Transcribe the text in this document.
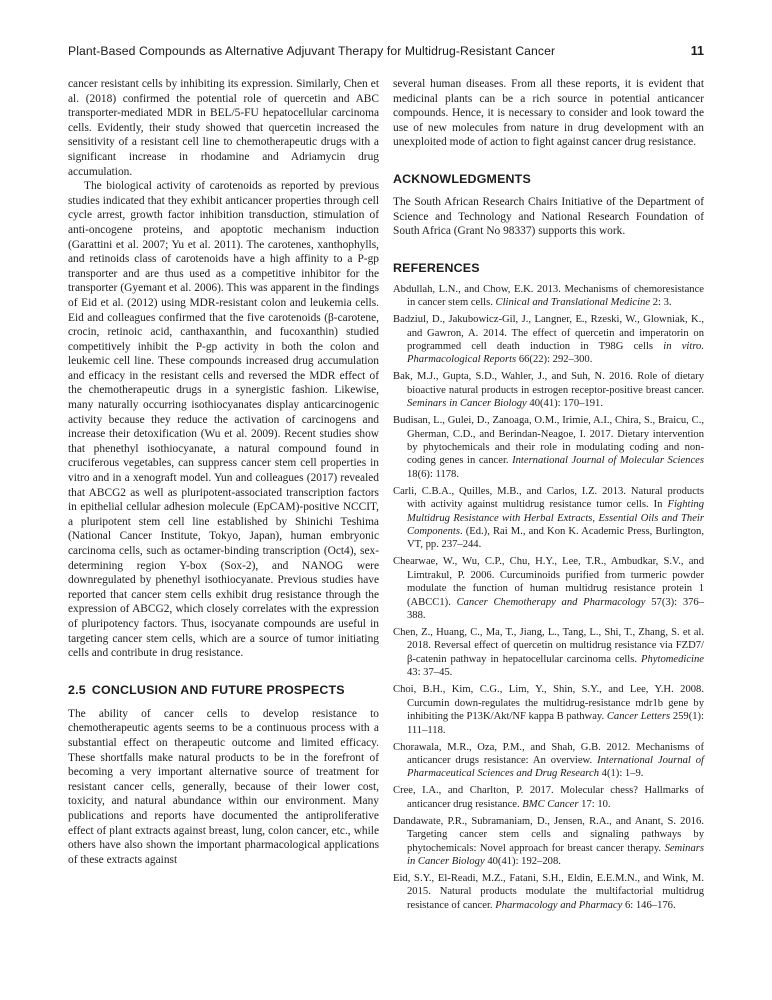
Plant-Based Compounds as Alternative Adjuvant Therapy for Multidrug-Resistant Cancer	11

cancer resistant cells by inhibiting its expression. Similarly, Chen et al. (2018) confirmed the potential role of quercetin and ABC transporter-mediated MDR in BEL/5-FU hepatocellular carcinoma cells. Evidently, their study showed that quercetin increased the sensitivity of a resistant cell line to chemotherapeutic drugs with a significant increase in rhodamine and Adriamycin drug accumulation.

The biological activity of carotenoids as reported by previous studies indicated that they exhibit anticancer properties through cell cycle arrest, growth factor inhibition transduction, stimulation of anti-oncogene proteins, and apoptotic mechanism induction (Garattini et al. 2007; Yu et al. 2011). The carotenes, xanthophylls, and retinoids class of carotenoids have a high affinity to a P-gp transporter and are thus used as a competitive inhibitor for the transporter (Gyemant et al. 2006). This was apparent in the findings of Eid et al. (2012) using MDR-resistant colon and leukemia cells. Eid and colleagues confirmed that the five carotenoids (β-carotene, crocin, retinoic acid, canthaxanthin, and fucoxanthin) studied competitively inhibit the P-gp activity in both the colon and leukemic cell line. These compounds increased drug accumulation and efficacy in the resistant cells and reversed the MDR effect of the chemotherapeutic drugs in a synergistic fashion. Likewise, many naturally occurring isothiocyanates display anticarcinogenic activity because they reduce the activation of carcinogens and increase their detoxification (Wu et al. 2009). Recent studies show that phenethyl isothiocyanate, a natural compound found in cruciferous vegetables, can suppress cancer stem cell properties in vitro and in a xenograft model. Yun and colleagues (2017) revealed that ABCG2 as well as pluripotent-associated transcription factors in epithelial cellular adhesion molecule (EpCAM)-positive NCCIT, a pluripotent stem cell line established by Shinichi Teshima (National Cancer Institute, Tokyo, Japan), human embryonic carcinoma cells, such as octamer-binding transcription (Oct4), sex-determining region Y-box (Sox-2), and NANOG were downregulated by phenethyl isothiocyanate. Previous studies have reported that cancer stem cells exhibit drug resistance through the expression of ABCG2, which closely correlates with the expression of pluripotency factors. Thus, isocyanate compounds are useful in targeting cancer stem cells, which are a source of tumor initiating cells and contribute in drug resistance.

2.5 CONCLUSION AND FUTURE PROSPECTS

The ability of cancer cells to develop resistance to chemotherapeutic agents seems to be a continuous process with a substantial effect on therapeutic outcome and limited efficacy. These shortfalls make natural products to be in the forefront of becoming a very important alternative source of treatment for resistant cancer cells, generally, because of their lower cost, toxicity, and natural abundance within our environment. Many publications and reports have documented the antiproliferative effect of plant extracts against breast, lung, colon cancer, etc., while others have also shown the important pharmacological applications of these extracts against

several human diseases. From all these reports, it is evident that medicinal plants can be a rich source in potential anticancer compounds. Hence, it is necessary to consider and look toward the use of new molecules from nature in drug development with an unexploited mode of action to fight against cancer drug resistance.

ACKNOWLEDGMENTS

The South African Research Chairs Initiative of the Department of Science and Technology and National Research Foundation of South Africa (Grant No 98337) supports this work.

REFERENCES

Abdullah, L.N., and Chow, E.K. 2013. Mechanisms of chemoresistance in cancer stem cells. Clinical and Translational Medicine 2: 3.

Badziul, D., Jakubowicz-Gil, J., Langner, E., Rzeski, W., Glowniak, K., and Gawron, A. 2014. The effect of quercetin and imperatorin on programmed cell death induction in T98G cells in vitro. Pharmacological Reports 66(22): 292–300.

Bak, M.J., Gupta, S.D., Wahler, J., and Suh, N. 2016. Role of dietary bioactive natural products in estrogen receptor-positive breast cancer. Seminars in Cancer Biology 40(41): 170–191.

Budisan, L., Gulei, D., Zanoaga, O.M., Irimie, A.I., Chira, S., Braicu, C., Gherman, C.D., and Berindan-Neagoe, I. 2017. Dietary intervention by phytochemicals and their role in modulating coding and non-coding genes in cancer. International Journal of Molecular Sciences 18(6): 1178.

Carli, C.B.A., Quilles, M.B., and Carlos, I.Z. 2013. Natural products with activity against multidrug resistance tumor cells. In Fighting Multidrug Resistance with Herbal Extracts, Essential Oils and Their Components. (Ed.), Rai M., and Kon K. Academic Press, Burlington, VT, pp. 237–244.

Chearwae, W., Wu, C.P., Chu, H.Y., Lee, T.R., Ambudkar, S.V., and Limtrakul, P. 2006. Curcuminoids purified from turmeric powder modulate the function of human multidrug resistance protein 1 (ABCC1). Cancer Chemotherapy and Pharmacology 57(3): 376–388.

Chen, Z., Huang, C., Ma, T., Jiang, L., Tang, L., Shi, T., Zhang, S. et al. 2018. Reversal effect of quercetin on multidrug resistance via FZD7/β-catenin pathway in hepatocellular carcinoma cells. Phytomedicine 43: 37–45.

Choi, B.H., Kim, C.G., Lim, Y., Shin, S.Y., and Lee, Y.H. 2008. Curcumin down-regulates the multidrug-resistance mdr1b gene by inhibiting the P13K/Akt/NF kappa B pathway. Cancer Letters 259(1): 111–118.

Chorawala, M.R., Oza, P.M., and Shah, G.B. 2012. Mechanisms of anticancer drugs resistance: An overview. International Journal of Pharmaceutical Sciences and Drug Research 4(1): 1–9.

Cree, I.A., and Charlton, P. 2017. Molecular chess? Hallmarks of anticancer drug resistance. BMC Cancer 17: 10.

Dandawate, P.R., Subramaniam, D., Jensen, R.A., and Anant, S. 2016. Targeting cancer stem cells and signaling pathways by phytochemicals: Novel approach for breast cancer therapy. Seminars in Cancer Biology 40(41): 192–208.

Eid, S.Y., El-Readi, M.Z., Fatani, S.H., Eldin, E.E.M.N., and Wink, M. 2015. Natural products modulate the multifactorial multidrug resistance of cancer. Pharmacology and Pharmacy 6: 146–176.
